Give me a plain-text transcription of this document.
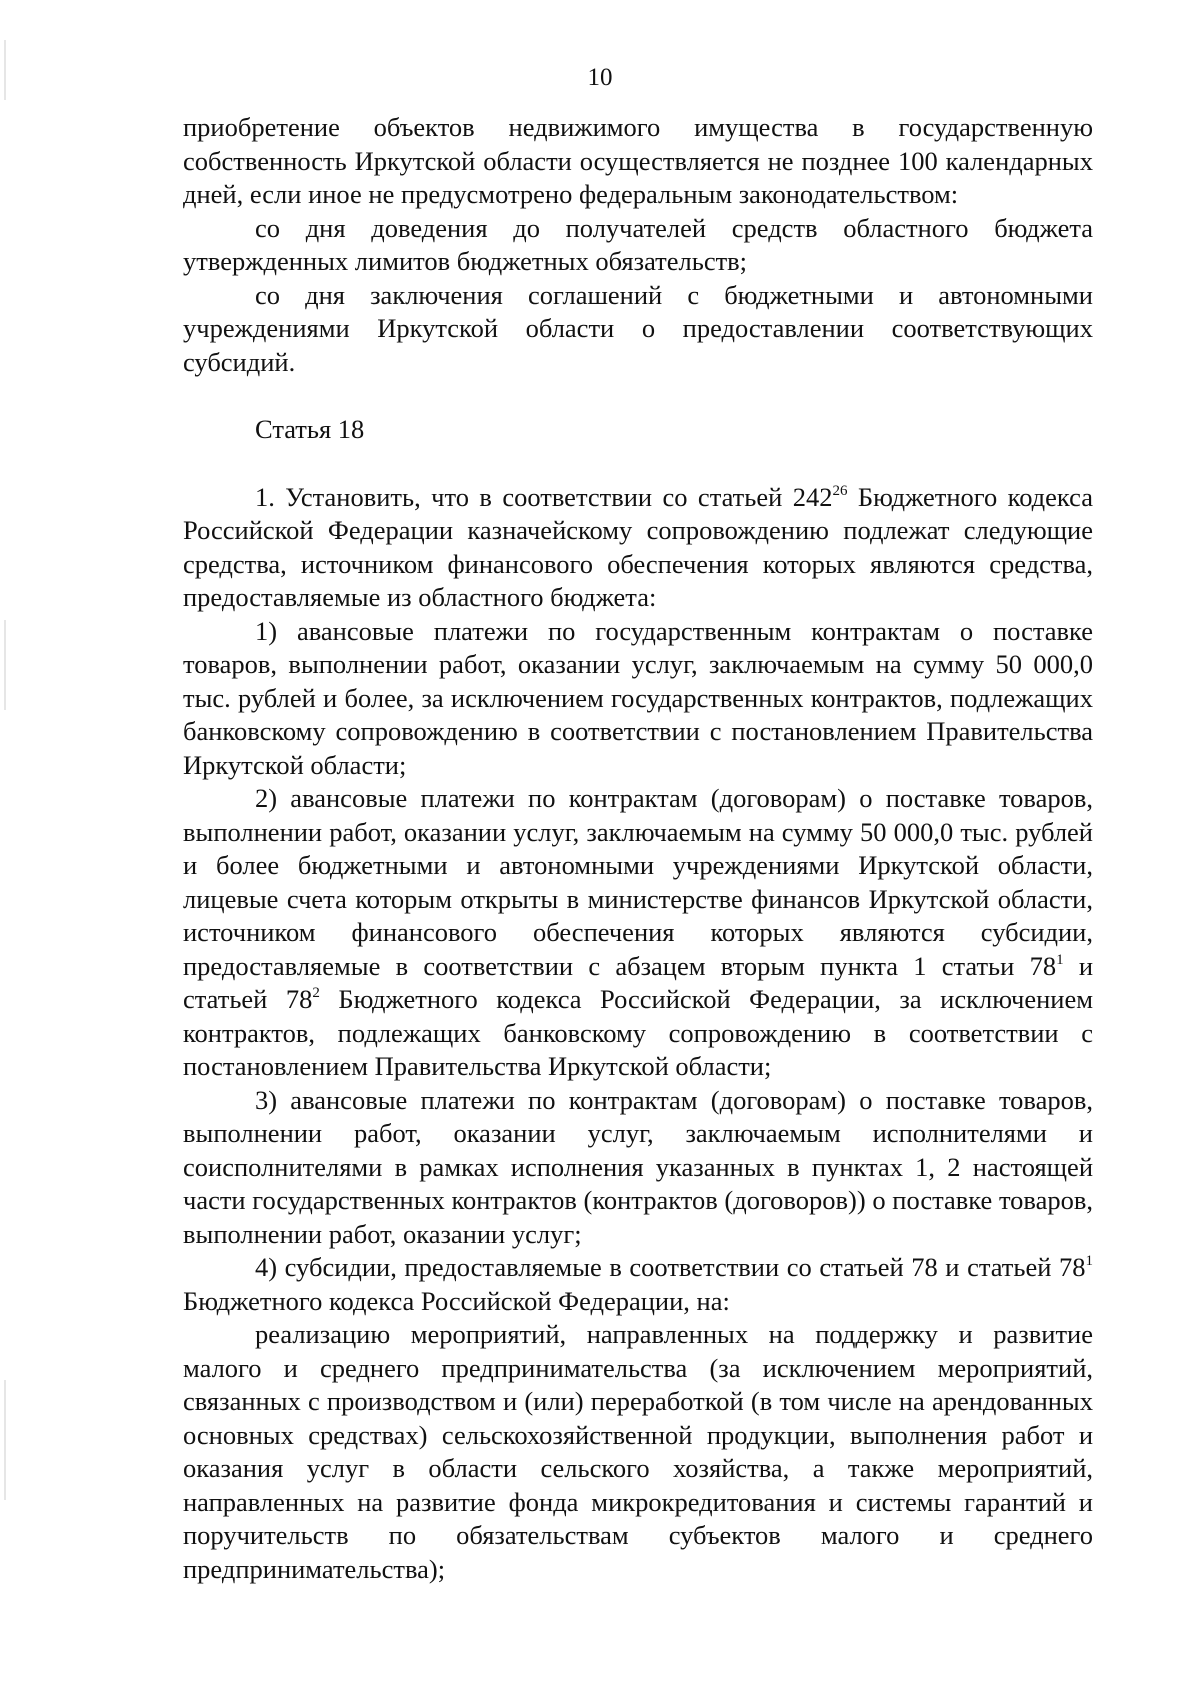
10

приобретение объектов недвижимого имущества в государственную собственность Иркутской области осуществляется не позднее 100 календарных дней, если иное не предусмотрено федеральным законодательством:

со дня доведения до получателей средств областного бюджета утвержденных лимитов бюджетных обязательств;

со дня заключения соглашений с бюджетными и автономными учреждениями Иркутской области о предоставлении соответствующих субсидий.

Статья 18

1. Установить, что в соответствии со статьей $242^{26}$ Бюджетного кодекса Российской Федерации казначейскому сопровождению подлежат следующие средства, источником финансового обеспечения которых являются средства, предоставляемые из областного бюджета:

1) авансовые платежи по государственным контрактам о поставке товаров, выполнении работ, оказании услуг, заключаемым на сумму 50 000,0 тыс. рублей и более, за исключением государственных контрактов, подлежащих банковскому сопровождению в соответствии с постановлением Правительства Иркутской области;

2) авансовые платежи по контрактам (договорам) о поставке товаров, выполнении работ, оказании услуг, заключаемым на сумму 50 000,0 тыс. рублей и более бюджетными и автономными учреждениями Иркутской области, лицевые счета которым открыты в министерстве финансов Иркутской области, источником финансового обеспечения которых являются субсидии, предоставляемые в соответствии с абзацем вторым пункта 1 статьи $78^1$ и статьей $78^2$ Бюджетного кодекса Российской Федерации, за исключением контрактов, подлежащих банковскому сопровождению в соответствии с постановлением Правительства Иркутской области;

3) авансовые платежи по контрактам (договорам) о поставке товаров, выполнении работ, оказании услуг, заключаемым исполнителями и соисполнителями в рамках исполнения указанных в пунктах 1, 2 настоящей части государственных контрактов (контрактов (договоров)) о поставке товаров, выполнении работ, оказании услуг;

4) субсидии, предоставляемые в соответствии со статьей 78 и статьей $78^1$ Бюджетного кодекса Российской Федерации, на:

реализацию мероприятий, направленных на поддержку и развитие малого и среднего предпринимательства (за исключением мероприятий, связанных с производством и (или) переработкой (в том числе на арендованных основных средствах) сельскохозяйственной продукции, выполнения работ и оказания услуг в области сельского хозяйства, а также мероприятий, направленных на развитие фонда микрокредитования и системы гарантий и поручительств по обязательствам субъектов малого и среднего предпринимательства);
